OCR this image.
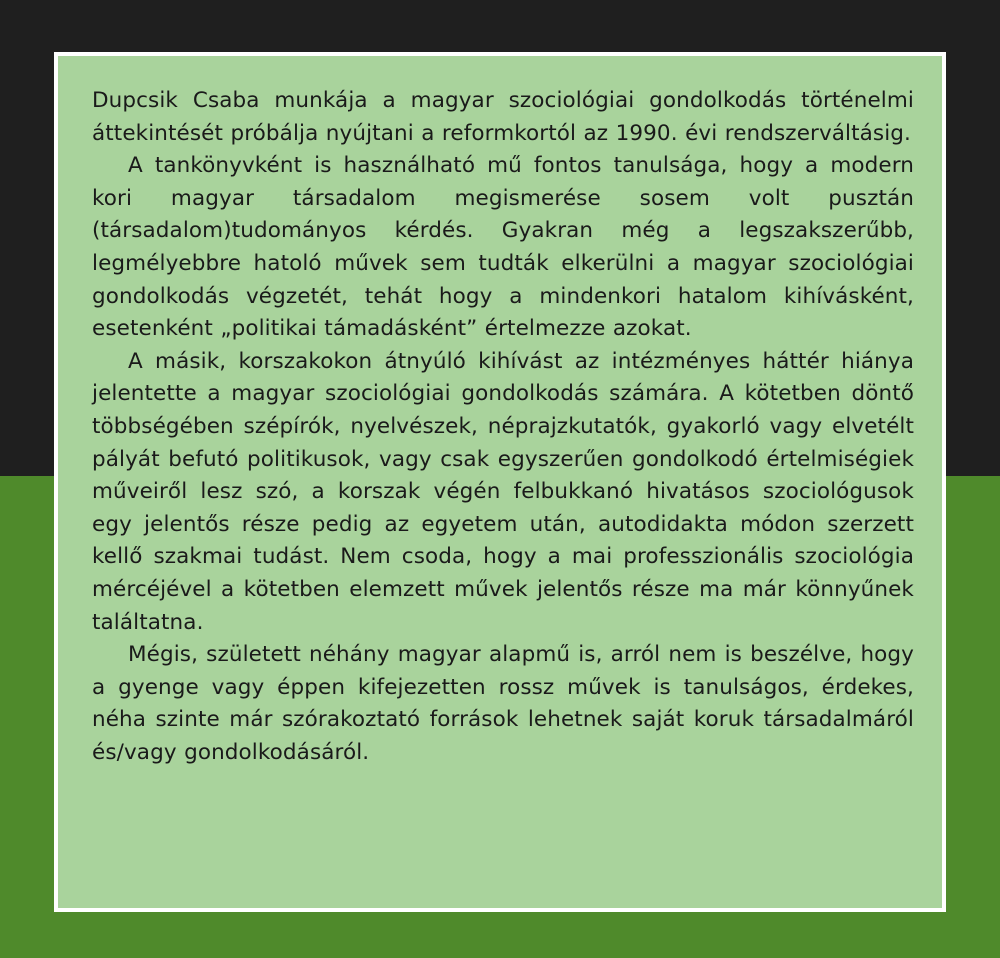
Dupcsik Csaba munkája a magyar szociológiai gondolkodás történelmi áttekintését próbálja nyújtani a reformkortól az 1990. évi rendszerváltásig.

A tankönyvként is használható mű fontos tanulsága, hogy a modern kori magyar társadalom megismerése sosem volt pusztán (társadalom)tudományos kérdés. Gyakran még a legszakszerűbb, legmélyebbre hatoló művek sem tudták elkerülni a magyar szociológiai gondolkodás végzetét, tehát hogy a mindenkori hatalom kihívásként, esetenként „politikai támadásként” értelmezze azokat.

A másik, korszakokon átnyúló kihívást az intézményes háttér hiánya jelentette a magyar szociológiai gondolkodás számára. A kötetben döntő többségében szépírók, nyelvészek, néprajzkutatók, gyakorló vagy elvetélt pályát befutó politikusok, vagy csak egyszerűen gondolkodó értelmiségiek műveiről lesz szó, a korszak végén felbukkanó hivatásos szociológusok egy jelentős része pedig az egyetem után, autodidakta módon szerzett kellő szakmai tudást. Nem csoda, hogy a mai professzionális szociológia mércéjével a kötetben elemzett művek jelentős része ma már könnyűnek találtatna.

Mégis, született néhány magyar alapmű is, arról nem is beszélve, hogy a gyenge vagy éppen kifejezetten rossz művek is tanulságos, érdekes, néha szinte már szórakoztató források lehetnek saját koruk társadalmáról és/vagy gondolkodásáról.
